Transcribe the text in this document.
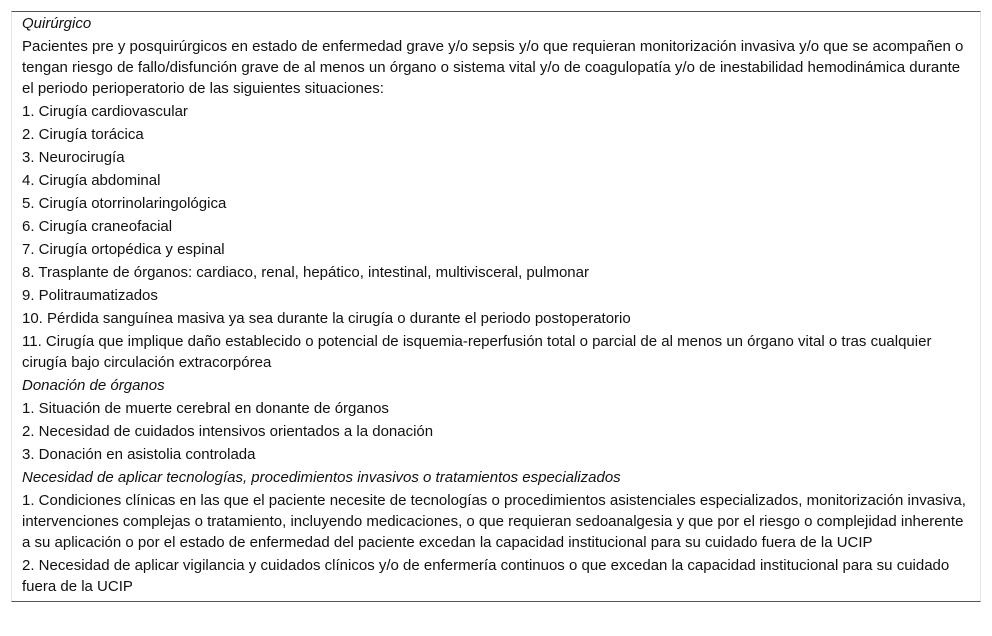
Quirúrgico
Pacientes pre y posquirúrgicos en estado de enfermedad grave y/o sepsis y/o que requieran monitorización invasiva y/o que se acompañen o tengan riesgo de fallo/disfunción grave de al menos un órgano o sistema vital y/o de coagulopatía y/o de inestabilidad hemodinámica durante el periodo perioperatorio de las siguientes situaciones:
1. Cirugía cardiovascular
2. Cirugía torácica
3. Neurocirugía
4. Cirugía abdominal
5. Cirugía otorrinolaringológica
6. Cirugía craneofacial
7. Cirugía ortopédica y espinal
8. Trasplante de órganos: cardiaco, renal, hepático, intestinal, multivisceral, pulmonar
9. Politraumatizados
10. Pérdida sanguínea masiva ya sea durante la cirugía o durante el periodo postoperatorio
11. Cirugía que implique daño establecido o potencial de isquemia-reperfusión total o parcial de al menos un órgano vital o tras cualquier cirugía bajo circulación extracorpórea
Donación de órganos
1. Situación de muerte cerebral en donante de órganos
2. Necesidad de cuidados intensivos orientados a la donación
3. Donación en asistolia controlada
Necesidad de aplicar tecnologías, procedimientos invasivos o tratamientos especializados
1. Condiciones clínicas en las que el paciente necesite de tecnologías o procedimientos asistenciales especializados, monitorización invasiva, intervenciones complejas o tratamiento, incluyendo medicaciones, o que requieran sedoanalgesia y que por el riesgo o complejidad inherente a su aplicación o por el estado de enfermedad del paciente excedan la capacidad institucional para su cuidado fuera de la UCIP
2. Necesidad de aplicar vigilancia y cuidados clínicos y/o de enfermería continuos o que excedan la capacidad institucional para su cuidado fuera de la UCIP
